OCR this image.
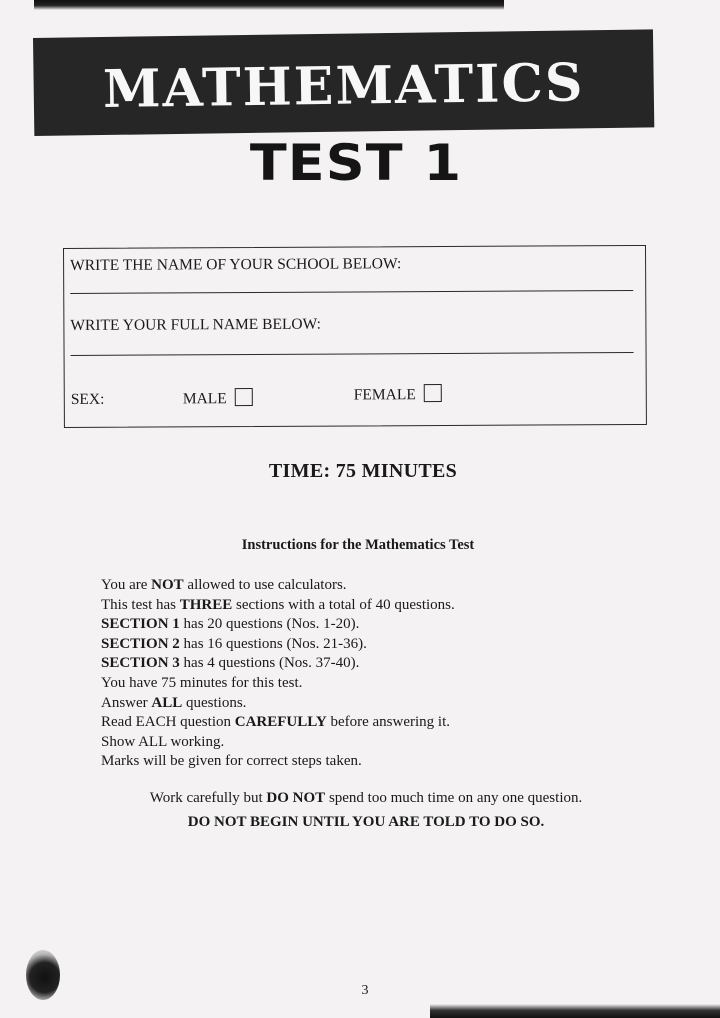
MATHEMATICS
TEST 1
WRITE THE NAME OF YOUR SCHOOL BELOW:
WRITE YOUR FULL NAME BELOW:
SEX:	MALE	FEMALE
TIME: 75 MINUTES
Instructions for the Mathematics Test
You are NOT allowed to use calculators.
This test has THREE sections with a total of 40 questions.
SECTION 1 has 20 questions (Nos. 1-20).
SECTION 2 has 16 questions (Nos. 21-36).
SECTION 3 has 4 questions (Nos. 37-40).
You have 75 minutes for this test.
Answer ALL questions.
Read EACH question CAREFULLY before answering it.
Show ALL working.
Marks will be given for correct steps taken.
Work carefully but DO NOT spend too much time on any one question.
DO NOT BEGIN UNTIL YOU ARE TOLD TO DO SO.
3
